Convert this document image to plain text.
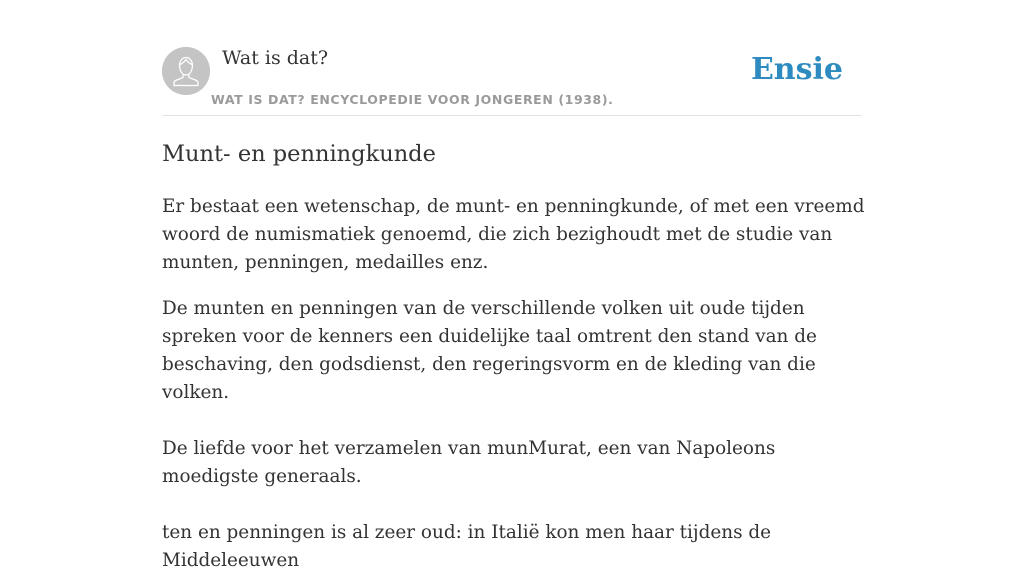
Wat is dat?
WAT IS DAT? ENCYCLOPEDIE VOOR JONGEREN (1938).
Ensie
Munt- en penningkunde

Er bestaat een wetenschap, de munt- en penningkunde, of met een vreemd woord de numismatiek genoemd, die zich bezighoudt met de studie van munten, penningen, medailles enz.

De munten en penningen van de verschillende volken uit oude tijden spreken voor de kenners een duidelijke taal omtrent den stand van de beschaving, den godsdienst, den regeringsvorm en de kleding van die volken.

De liefde voor het verzamelen van munMurat, een van Napoleons moedigste generaals.

ten en penningen is al zeer oud: in Italië kon men haar tijdens de Middeleeuwen
